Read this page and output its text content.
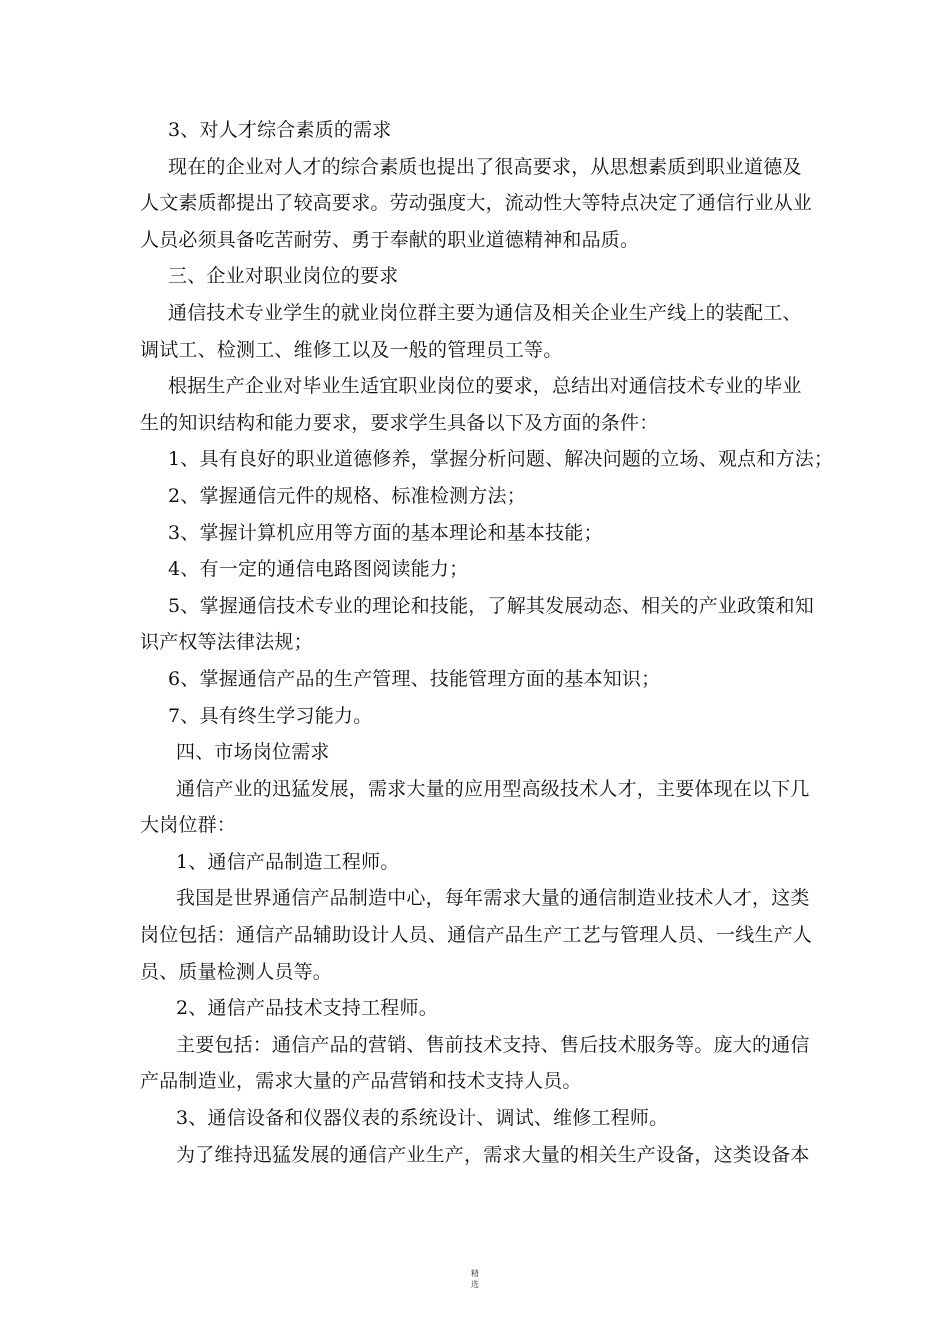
3、对人才综合素质的需求
现在的企业对人才的综合素质也提出了很高要求，从思想素质到职业道德及
人文素质都提出了较高要求。劳动强度大，流动性大等特点决定了通信行业从业
人员必须具备吃苦耐劳、勇于奉献的职业道德精神和品质。
三、企业对职业岗位的要求
通信技术专业学生的就业岗位群主要为通信及相关企业生产线上的装配工、
调试工、检测工、维修工以及一般的管理员工等。
根据生产企业对毕业生适宜职业岗位的要求，总结出对通信技术专业的毕业
生的知识结构和能力要求，要求学生具备以下及方面的条件：
1、具有良好的职业道德修养，掌握分析问题、解决问题的立场、观点和方法；
2、掌握通信元件的规格、标准检测方法；
3、掌握计算机应用等方面的基本理论和基本技能；
4、有一定的通信电路图阅读能力；
5、掌握通信技术专业的理论和技能，了解其发展动态、相关的产业政策和知
识产权等法律法规；
6、掌握通信产品的生产管理、技能管理方面的基本知识；
7、具有终生学习能力。
四、市场岗位需求
通信产业的迅猛发展，需求大量的应用型高级技术人才，主要体现在以下几
大岗位群：
1、通信产品制造工程师。
我国是世界通信产品制造中心，每年需求大量的通信制造业技术人才，这类
岗位包括：通信产品辅助设计人员、通信产品生产工艺与管理人员、一线生产人
员、质量检测人员等。
2、通信产品技术支持工程师。
主要包括：通信产品的营销、售前技术支持、售后技术服务等。庞大的通信
产品制造业，需求大量的产品营销和技术支持人员。
3、通信设备和仪器仪表的系统设计、调试、维修工程师。
为了维持迅猛发展的通信产业生产，需求大量的相关生产设备，这类设备本
精
选
